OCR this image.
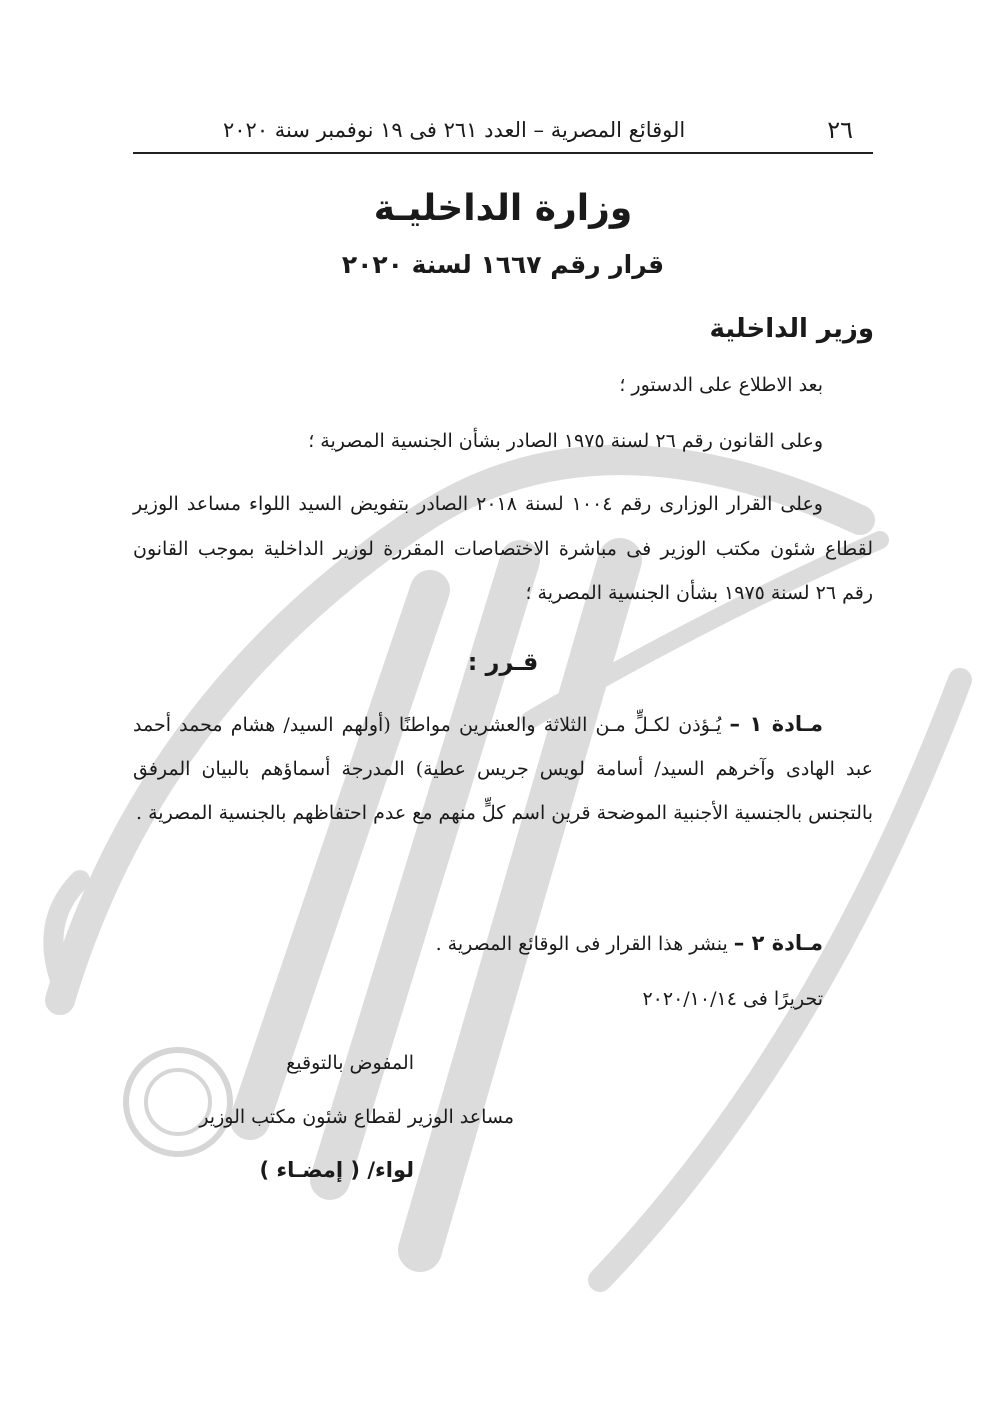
٢٦
الوقائع المصرية – العدد ٢٦١ فى ١٩ نوفمبر سنة ٢٠٢٠
وزارة الداخليـة
قرار رقم ١٦٦٧ لسنة ٢٠٢٠
وزير الداخلية

بعد الاطلاع على الدستور ؛

وعلى القانون رقم ٢٦ لسنة ١٩٧٥ الصادر بشأن الجنسية المصرية ؛

وعلى القرار الوزارى رقم ١٠٠٤ لسنة ٢٠١٨ الصادر بتفويض السيد اللواء مساعد الوزير لقطاع شئون مكتب الوزير فى مباشرة الاختصاصات المقررة لوزير الداخلية بموجب القانون رقم ٢٦ لسنة ١٩٧٥ بشأن الجنسية المصرية ؛

قـرر :

مـادة ١ – يُـؤذن لكـلٍّ مـن الثلاثة والعشرين مواطنًا (أولهم السيد/ هشام محمد أحمد عبد الهادى وآخرهم السيد/ أسامة لويس جريس عطية) المدرجة أسماؤهم بالبيان المرفق بالتجنس بالجنسية الأجنبية الموضحة قرين اسم كلٍّ منهم مع عدم احتفاظهم بالجنسية المصرية .

مـادة ٢ – ينشر هذا القرار فى الوقائع المصرية .

تحريرًا فى ٢٠٢٠/١٠/١٤

المفوض بالتوقيع
مساعد الوزير لقطاع شئون مكتب الوزير
لواء/ ( إمضـاء )
